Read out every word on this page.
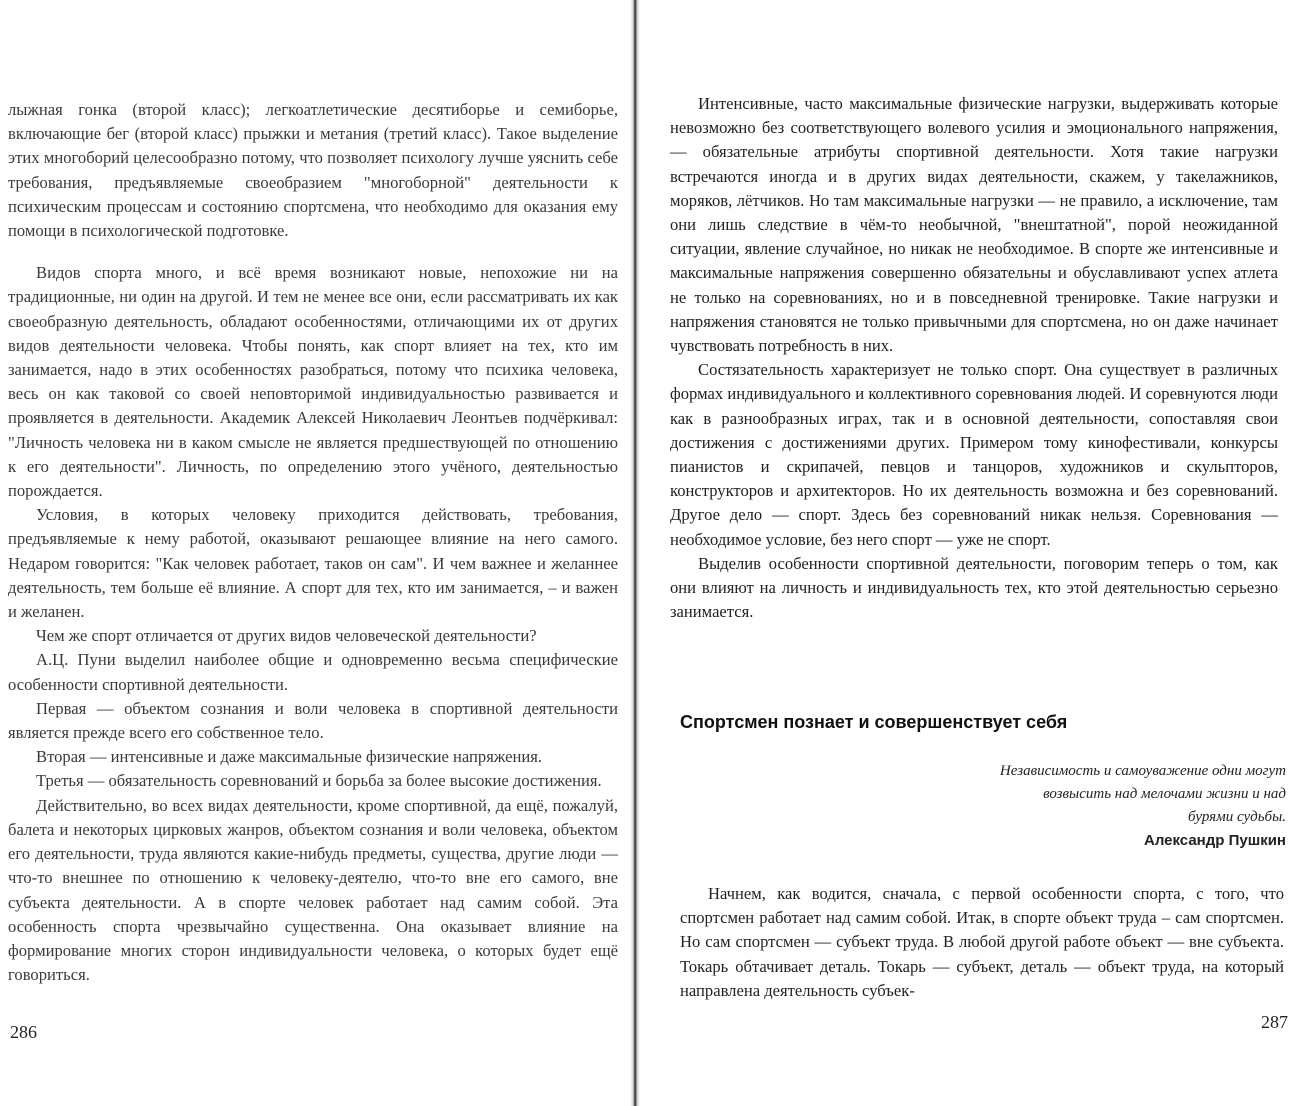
лыжная гонка (второй класс); легкоатлетические десятиборье и семиборье, включающие бег (второй класс) прыжки и метания (третий класс). Такое выделение этих многоборий целесообразно потому, что позволяет психологу лучше уяснить себе требования, предъявляемые своеобразием "многоборной" деятельности к психическим процессам и состоянию спортсмена, что необходимо для оказания ему помощи в психологической подготовке.

Видов спорта много, и всё время возникают новые, непохожие ни на традиционные, ни один на другой. И тем не менее все они, если рассматривать их как своеобразную деятельность, обладают особенностями, отличающими их от других видов деятельности человека. Чтобы понять, как спорт влияет на тех, кто им занимается, надо в этих особенностях разобраться, потому что психика человека, весь он как таковой со своей неповторимой индивидуальностью развивается и проявляется в деятельности. Академик Алексей Николаевич Леонтьев подчёркивал: "Личность человека ни в каком смысле не является предшествующей по отношению к его деятельности". Личность, по определению этого учёного, деятельностью порождается.

Условия, в которых человеку приходится действовать, требования, предъявляемые к нему работой, оказывают решающее влияние на него самого. Недаром говорится: "Как человек работает, таков он сам". И чем важнее и желаннее деятельность, тем больше её влияние. А спорт для тех, кто им занимается, – и важен и желанен.

Чем же спорт отличается от других видов человеческой деятельности?

А.Ц. Пуни выделил наиболее общие и одновременно весьма специфические особенности спортивной деятельности.

Первая — объектом сознания и воли человека в спортивной деятельности является прежде всего его собственное тело.

Вторая — интенсивные и даже максимальные физические напряжения.

Третья — обязательность соревнований и борьба за более высокие достижения.

Действительно, во всех видах деятельности, кроме спортивной, да ещё, пожалуй, балета и некоторых цирковых жанров, объектом сознания и воли человека, объектом его деятельности, труда являются какие-нибудь предметы, существа, другие люди — что-то внешнее по отношению к человеку-деятелю, что-то вне его самого, вне субъекта деятельности. А в спорте человек работает над самим собой. Эта особенность спорта чрезвычайно существенна. Она оказывает влияние на формирование многих сторон индивидуальности человека, о которых будет ещё говориться.

286

Интенсивные, часто максимальные физические нагрузки, выдерживать которые невозможно без соответствующего волевого усилия и эмоционального напряжения, — обязательные атрибуты спортивной деятельности. Хотя такие нагрузки встречаются иногда и в других видах деятельности, скажем, у такелажников, моряков, лётчиков. Но там максимальные нагрузки — не правило, а исключение, там они лишь следствие в чём-то необычной, "внештатной", порой неожиданной ситуации, явление случайное, но никак не необходимое. В спорте же интенсивные и максимальные напряжения совершенно обязательны и обуславливают успех атлета не только на соревнованиях, но и в повседневной тренировке. Такие нагрузки и напряжения становятся не только привычными для спортсмена, но он даже начинает чувствовать потребность в них.

Состязательность характеризует не только спорт. Она существует в различных формах индивидуального и коллективного соревнования людей. И соревнуются люди как в разнообразных играх, так и в основной деятельности, сопоставляя свои достижения с достижениями других. Примером тому кинофестивали, конкурсы пианистов и скрипачей, певцов и танцоров, художников и скульпторов, конструкторов и архитекторов. Но их деятельность возможна и без соревнований. Другое дело — спорт. Здесь без соревнований никак нельзя. Соревнования — необходимое условие, без него спорт — уже не спорт.

Выделив особенности спортивной деятельности, поговорим теперь о том, как они влияют на личность и индивидуальность тех, кто этой деятельностью серьезно занимается.

Спортсмен познает и совершенствует себя
Независимость и самоуважение одни могут
возвысить над мелочами жизни и над
бурями судьбы.
Александр Пушкин

Начнем, как водится, сначала, с первой особенности спорта, с того, что спортсмен работает над самим собой. Итак, в спорте объект труда – сам спортсмен. Но сам спортсмен — субъект труда. В любой другой работе объект — вне субъекта. Токарь обтачивает деталь. Токарь — субъект, деталь — объект труда, на который направлена деятельность субъек-

287
